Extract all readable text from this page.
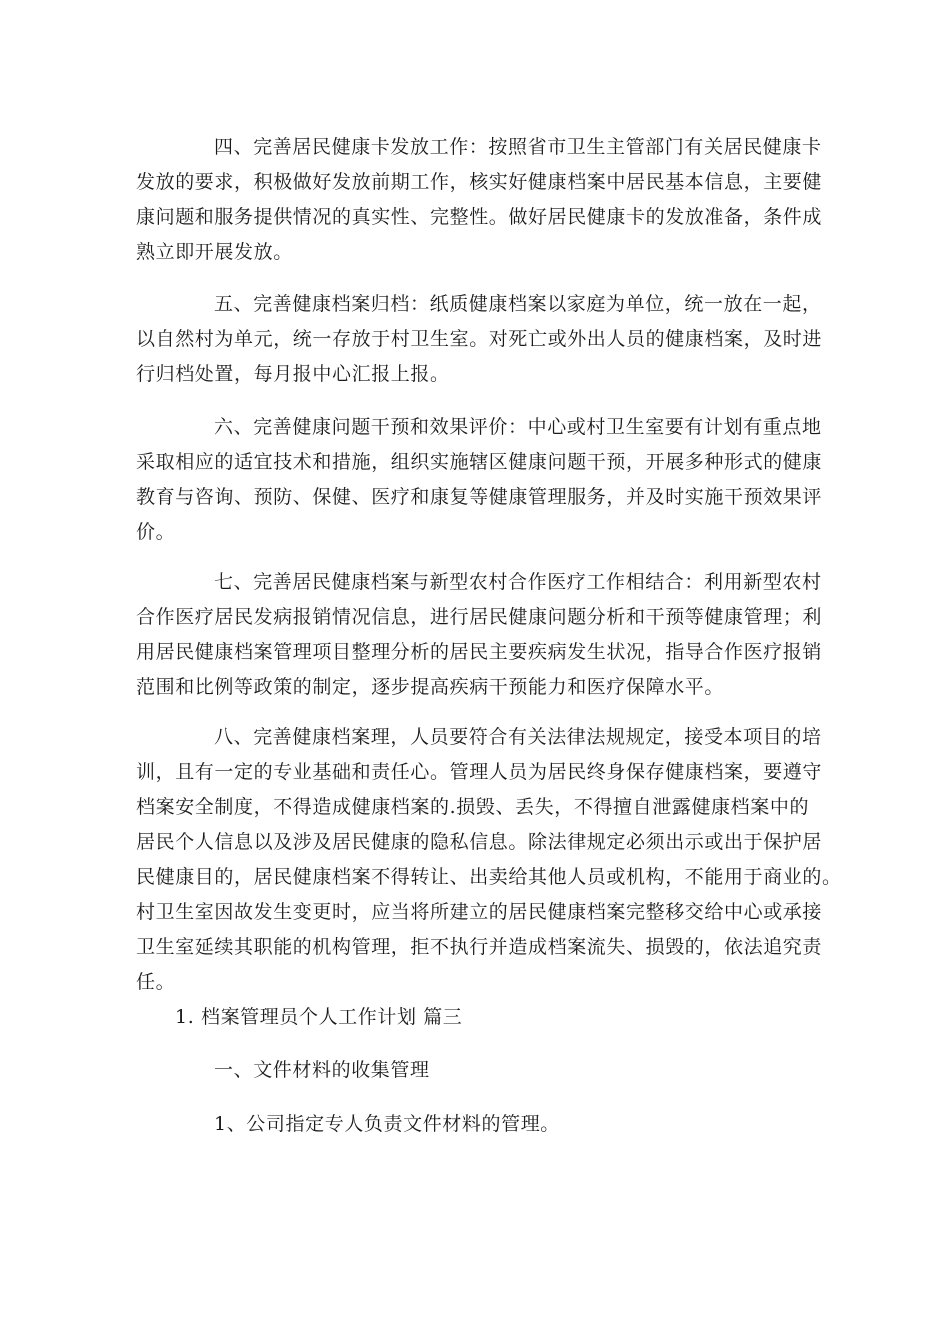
四、完善居民健康卡发放工作：按照省市卫生主管部门有关居民健康卡
发放的要求，积极做好发放前期工作，核实好健康档案中居民基本信息，主要健
康问题和服务提供情况的真实性、完整性。做好居民健康卡的发放准备，条件成
熟立即开展发放。

五、完善健康档案归档：纸质健康档案以家庭为单位，统一放在一起，
以自然村为单元，统一存放于村卫生室。对死亡或外出人员的健康档案，及时进
行归档处置，每月报中心汇报上报。

六、完善健康问题干预和效果评价：中心或村卫生室要有计划有重点地
采取相应的适宜技术和措施，组织实施辖区健康问题干预，开展多种形式的健康
教育与咨询、预防、保健、医疗和康复等健康管理服务，并及时实施干预效果评
价。

七、完善居民健康档案与新型农村合作医疗工作相结合：利用新型农村
合作医疗居民发病报销情况信息，进行居民健康问题分析和干预等健康管理；利
用居民健康档案管理项目整理分析的居民主要疾病发生状况，指导合作医疗报销
范围和比例等政策的制定，逐步提高疾病干预能力和医疗保障水平。

八、完善健康档案理，人员要符合有关法律法规规定，接受本项目的培
训，且有一定的专业基础和责任心。管理人员为居民终身保存健康档案，要遵守
档案安全制度，不得造成健康档案的.损毁、丢失，不得擅自泄露健康档案中的
居民个人信息以及涉及居民健康的隐私信息。除法律规定必须出示或出于保护居
民健康目的，居民健康档案不得转让、出卖给其他人员或机构，不能用于商业的。
村卫生室因故发生变更时，应当将所建立的居民健康档案完整移交给中心或承接
卫生室延续其职能的机构管理，拒不执行并造成档案流失、损毁的，依法追究责
任。

1. 档案管理员个人工作计划 篇三

一、文件材料的收集管理

1、公司指定专人负责文件材料的管理。
